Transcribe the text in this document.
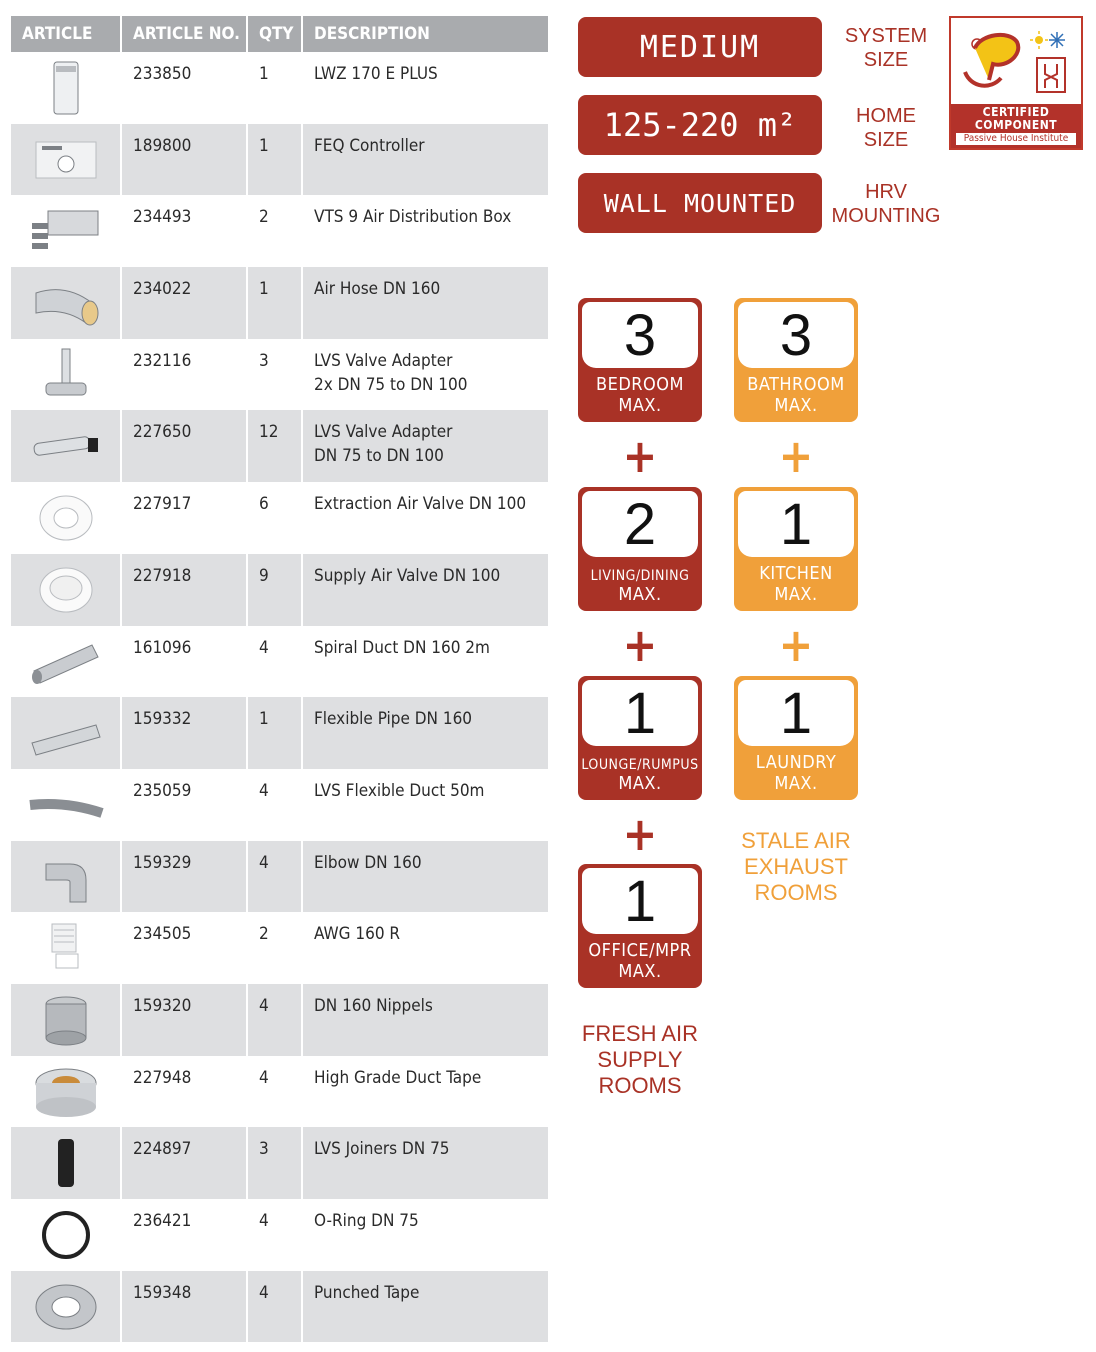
ARTICLE	ARTICLE NO.	QTY	DESCRIPTION
233850	1	LWZ 170 E PLUS
189800	1	FEQ Controller
234493	2	VTS 9 Air Distribution Box
234022	1	Air Hose DN 160
232116	3	LVS Valve Adapter
2x DN 75 to DN 100
227650	12	LVS Valve Adapter
DN 75 to DN 100
227917	6	Extraction Air Valve DN 100
227918	9	Supply Air Valve DN 100
161096	4	Spiral Duct DN 160 2m
159332	1	Flexible Pipe DN 160
235059	4	LVS Flexible Duct 50m
159329	4	Elbow DN 160
234505	2	AWG 160 R
159320	4	DN 160 Nippels
227948	4	High Grade Duct Tape
224897	3	LVS Joiners DN 75
236421	4	O-Ring DN 75
159348	4	Punched Tape
MEDIUM	SYSTEM
SIZE
125-220 m²	HOME
SIZE
WALL MOUNTED	HRV
MOUNTING
CERTIFIED
COMPONENT
Passive House Institute
3
BEDROOM
MAX.
+
2
LIVING/DINING
MAX.
+
1
LOUNGE/RUMPUS
MAX.
+
1
OFFICE/MPR
MAX.
FRESH AIR
SUPPLY
ROOMS
3
BATHROOM
MAX.
+
1
KITCHEN
MAX.
+
1
LAUNDRY
MAX.
STALE AIR
EXHAUST
ROOMS
